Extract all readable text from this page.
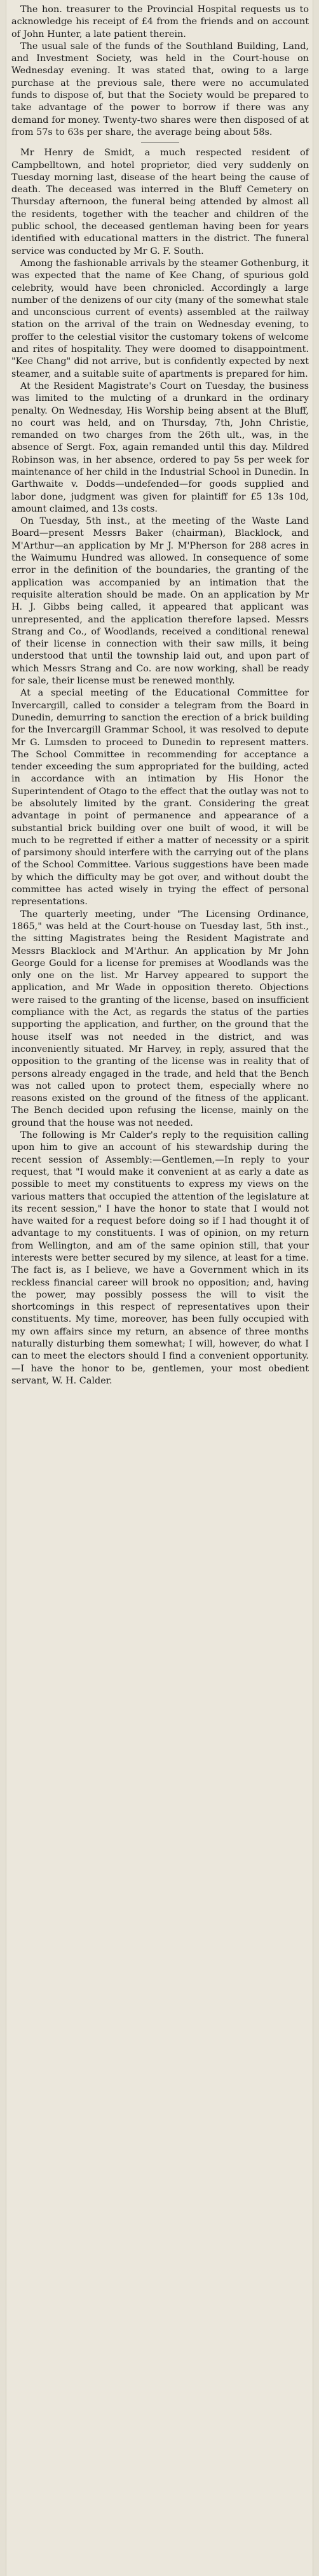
The hon. treasurer to the Provincial Hospital requests us to acknowledge his receipt of £4 from the friends and on account of John Hunter, a late patient therein.

The usual sale of the funds of the Southland Building, Land, and Investment Society, was held in the Court-house on Wednesday evening. It was stated that, owing to a large purchase at the previous sale, there were no accumulated funds to dispose of, but that the Society would be prepared to take advantage of the power to borrow if there was any demand for money. Twenty-two shares were then disposed of at from 57s to 63s per share, the average being about 58s.

Mr Henry de Smidt, a much respected resident of Campbelltown, and hotel proprietor, died very suddenly on Tuesday morning last, disease of the heart being the cause of death. The deceased was interred in the Bluff Cemetery on Thursday afternoon, the funeral being attended by almost all the residents, together with the teacher and children of the public school, the deceased gentleman having been for years identified with educational matters in the district. The funeral service was conducted by Mr G. F. South.

Among the fashionable arrivals by the steamer Gothenburg, it was expected that the name of Kee Chang, of spurious gold celebrity, would have been chronicled. Accordingly a large number of the denizens of our city (many of the somewhat stale and unconscious current of events) assembled at the railway station on the arrival of the train on Wednesday evening, to proffer to the celestial visitor the customary tokens of welcome and rites of hospitality. They were doomed to disappointment. "Kee Chang" did not arrive, but is confidently expected by next steamer, and a suitable suite of apartments is prepared for him.

At the Resident Magistrate's Court on Tuesday, the business was limited to the mulcting of a drunkard in the ordinary penalty. On Wednesday, His Worship being absent at the Bluff, no court was held, and on Thursday, 7th, John Christie, remanded on two charges from the 26th ult., was, in the absence of Sergt. Fox, again remanded until this day. Mildred Robinson was, in her absence, ordered to pay 5s per week for maintenance of her child in the Industrial School in Dunedin. In Garthwaite v. Dodds—undefended—for goods supplied and labor done, judgment was given for plaintiff for £5 13s 10d, amount claimed, and 13s costs.

On Tuesday, 5th inst., at the meeting of the Waste Land Board—present Messrs Baker (chairman), Blacklock, and M'Arthur—an application by Mr J. M'Pherson for 288 acres in the Waimumu Hundred was allowed. In consequence of some error in the definition of the boundaries, the granting of the application was accompanied by an intimation that the requisite alteration should be made. On an application by Mr H. J. Gibbs being called, it appeared that applicant was unrepresented, and the application therefore lapsed. Messrs Strang and Co., of Woodlands, received a conditional renewal of their license in connection with their saw mills, it being understood that until the township laid out, and upon part of which Messrs Strang and Co. are now working, shall be ready for sale, their license must be renewed monthly.

At a special meeting of the Educational Committee for Invercargill, called to consider a telegram from the Board in Dunedin, demurring to sanction the erection of a brick building for the Invercargill Grammar School, it was resolved to depute Mr G. Lumsden to proceed to Dunedin to represent matters. The School Committee in recommending for acceptance a tender exceeding the sum appropriated for the building, acted in accordance with an intimation by His Honor the Superintendent of Otago to the effect that the outlay was not to be absolutely limited by the grant. Considering the great advantage in point of permanence and appearance of a substantial brick building over one built of wood, it will be much to be regretted if either a matter of necessity or a spirit of parsimony should interfere with the carrying out of the plans of the School Committee. Various suggestions have been made by which the difficulty may be got over, and without doubt the committee has acted wisely in trying the effect of personal representations.

The quarterly meeting, under "The Licensing Ordinance, 1865," was held at the Court-house on Tuesday last, 5th inst., the sitting Magistrates being the Resident Magistrate and Messrs Blacklock and M'Arthur. An application by Mr John George Gould for a license for premises at Woodlands was the only one on the list. Mr Harvey appeared to support the application, and Mr Wade in opposition thereto. Objections were raised to the granting of the license, based on insufficient compliance with the Act, as regards the status of the parties supporting the application, and further, on the ground that the house itself was not needed in the district, and was inconveniently situated. Mr Harvey, in reply, assured that the opposition to the granting of the license was in reality that of persons already engaged in the trade, and held that the Bench was not called upon to protect them, especially where no reasons existed on the ground of the fitness of the applicant. The Bench decided upon refusing the license, mainly on the ground that the house was not needed.

The following is Mr Calder's reply to the requisition calling upon him to give an account of his stewardship during the recent session of Assembly:—Gentlemen,—In reply to your request, that "I would make it convenient at as early a date as possible to meet my constituents to express my views on the various matters that occupied the attention of the legislature at its recent session," I have the honor to state that I would not have waited for a request before doing so if I had thought it of advantage to my constituents. I was of opinion, on my return from Wellington, and am of the same opinion still, that your interests were better secured by my silence, at least for a time. The fact is, as I believe, we have a Government which in its reckless financial career will brook no opposition; and, having the power, may possibly possess the will to visit the shortcomings in this respect of representatives upon their constituents. My time, moreover, has been fully occupied with my own affairs since my return, an absence of three months naturally disturbing them somewhat; I will, however, do what I can to meet the electors should I find a convenient opportunity.—I have the honor to be, gentlemen, your most obedient servant, W. H. Calder.
